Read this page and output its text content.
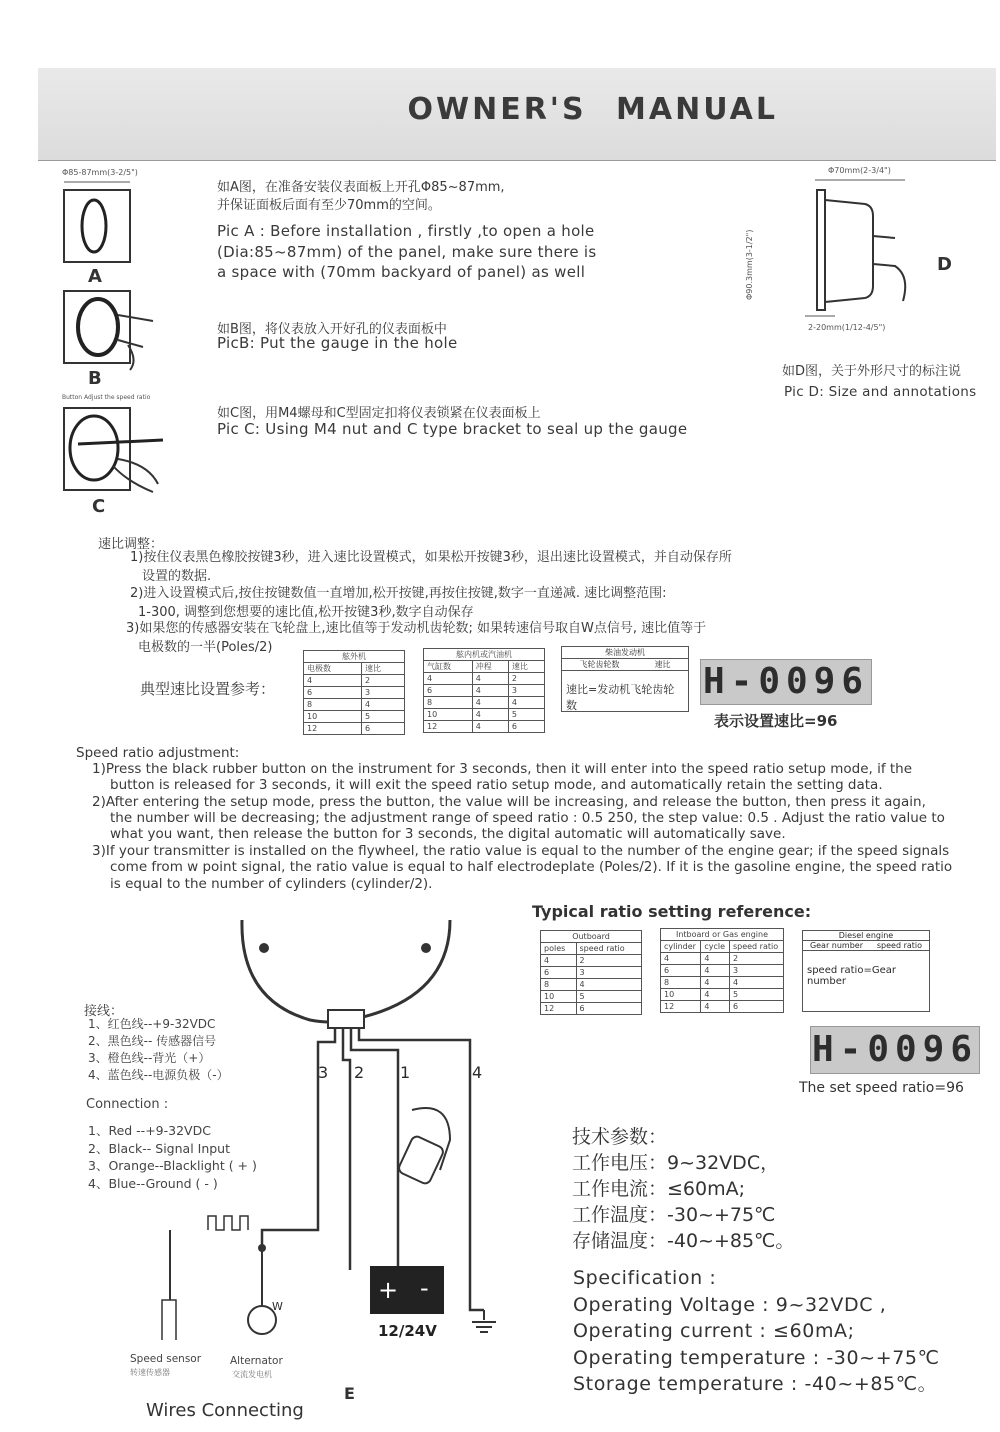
OWNER'S MANUAL
Φ85-87mm(3-2/5")
A
B
Button Adjust the speed ratio
C
如A图，在准备安装仪表面板上开孔Φ85~87mm,
并保证面板后面有至少70mm的空间。
Pic A : Before installation , firstly ,to open a hole
(Dia:85~87mm) of the panel, make sure there is
a space with (70mm backyard of panel) as well
如B图，将仪表放入开好孔的仪表面板中
PicB: Put the gauge in the hole
如C图，用M4螺母和C型固定扣将仪表锁紧在仪表面板上
Pic C: Using M4 nut and C type bracket to seal up the gauge
Φ70mm(2-3/4")
Φ90.3mm(3-1/2")	D
2-20mm(1/12-4/5")
如D图，关于外形尺寸的标注说
Pic D: Size and annotations
速比调整：
1)按住仪表黑色橡胶按键3秒，进入速比设置模式，如果松开按键3秒，退出速比设置模式，并自动保存所
设置的数据.
2)进入设置模式后,按住按键数值一直增加,松开按键,再按住按键,数字一直递减. 速比调整范围:
1-300, 调整到您想要的速比值,松开按键3秒,数字自动保存
3)如果您的传感器安装在飞轮盘上,速比值等于发动机齿轮数; 如果转速信号取自W点信号, 速比值等于
电极数的一半(Poles/2)
典型速比设置参考：
舷外机	
电极数	速比
4	2
6	3
8	4
10	5
12	6
舷内机或汽油机		
气缸数	冲程	速比
4	4	2
6	4	3
8	4	4
10	4	5
12	4	6
柴油发动机
飞轮齿轮数	速比
速比=发动机飞轮齿轮数
H-0096
表示设置速比=96
Speed ratio adjustment:
1)Press the black rubber button on the instrument for 3 seconds, then it will enter into the speed ratio setup mode, if the
button is released for 3 seconds, it will exit the speed ratio setup mode, and automatically retain the setting data.
2)After entering the setup mode, press the button, the value will be increasing, and release the button, then press it again,
the number will be decreasing; the adjustment range of speed ratio : 0.5 250, the step value: 0.5 . Adjust the ratio value to
what you want, then release the button for 3 seconds, the digital automatic will automatically save.
3)If your transmitter is installed on the flywheel, the ratio value is equal to the number of the engine gear; if the speed signals
come from w point signal, the ratio value is equal to half electrodeplate (Poles/2). If it is the gasoline engine, the speed ratio
is equal to the number of cylinders (cylinder/2).
Typical ratio setting reference:
Outboard	
poles	speed ratio
4	2
6	3
8	4
10	5
12	6
Intboard or Gas engine		
cylinder	cycle	speed ratio
4	4	2
6	4	3
8	4	4
10	4	5
12	4	6
Diesel engine
Gear number speed ratio
speed ratio=Gear number
H-0096
The set speed ratio=96
+ -
3 2 1	4
12/24V
W
接线：
1、红色线--+9-32VDC
2、黑色线-- 传感器信号
3、橙色线--背光（+）
4、蓝色线--电源负极（-）
Connection :
1、Red --+9-32VDC
2、Black-- Signal Input
3、Orange--Blacklight ( + )
4、Blue--Ground ( - )
Speed sensor
转速传感器
Alternator
交流发电机
E
Wires Connecting
技术参数：
工作电压：9~32VDC，
工作电流：≤60mA;
工作温度：-30~+75℃
存储温度：-40~+85℃。
Specification :
Operating Voltage : 9~32VDC ,
Operating current : ≤60mA;
Operating temperature : -30~+75℃
Storage temperature : -40~+85℃。
